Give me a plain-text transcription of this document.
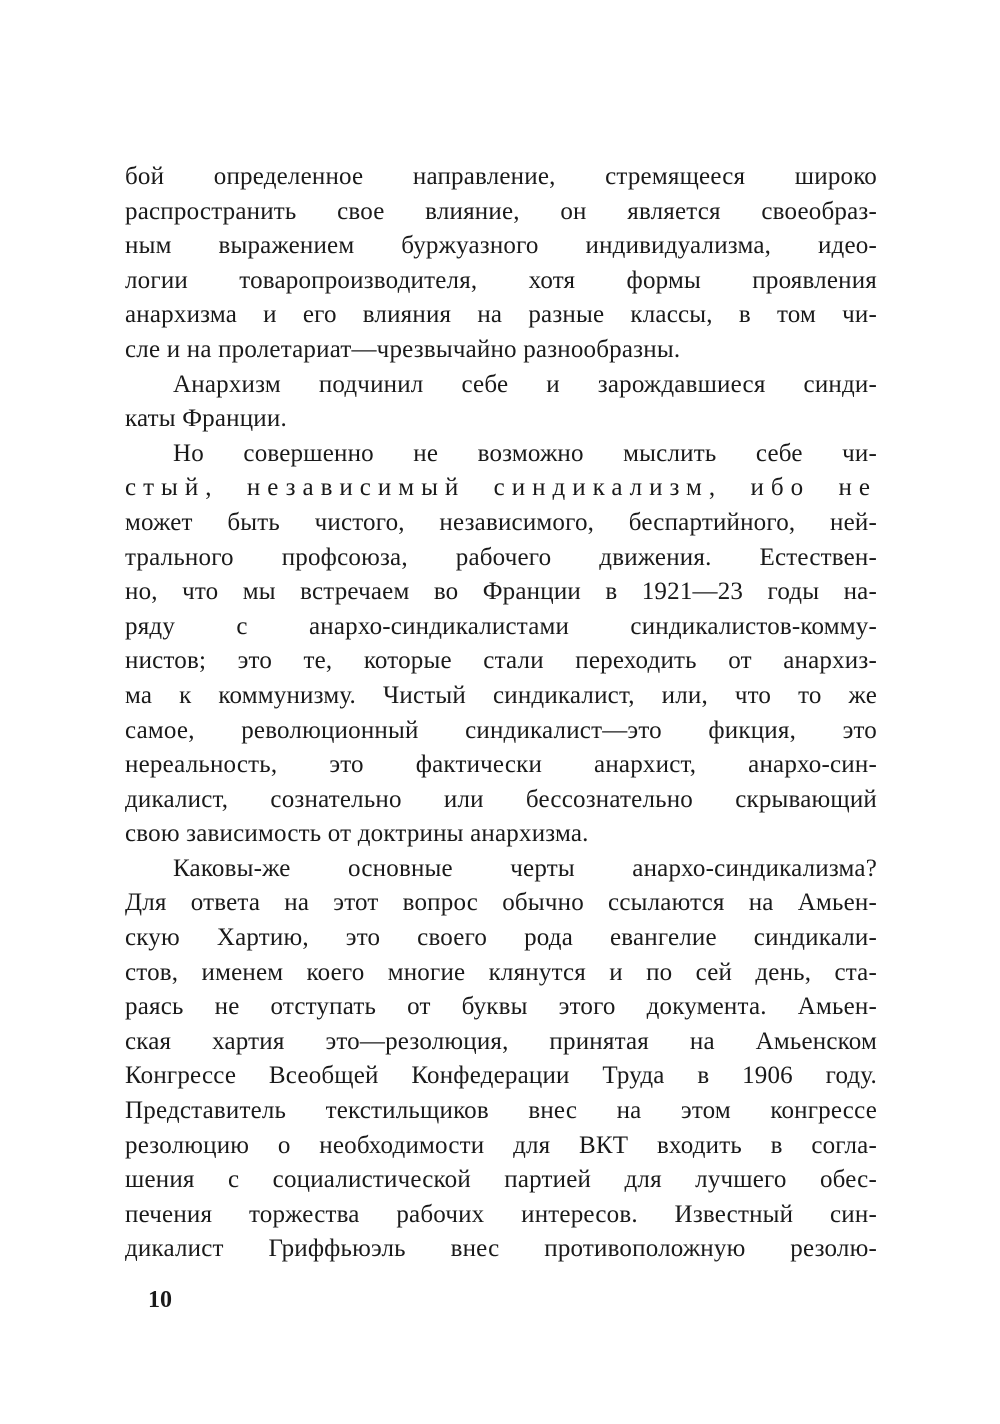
бой определенное направление, стремящееся широко
распространить свое влияние, он является своеобраз-
ным выражением буржуазного индивидуализма, идео-
логии товаропроизводителя, хотя формы проявления
анархизма и его влияния на разные классы, в том чи-
сле и на пролетариат—чрезвычайно разнообразны.
Анархизм подчинил себе и зарождавшиеся синди-
каты Франции.
Но совершенно не возможно мыслить себе чи-
стый, независимый синдикализм, ибо не
может быть чистого, независимого, беспартийного, ней-
трального профсоюза, рабочего движения. Естествен-
но, что мы встречаем во Франции в 1921—23 годы на-
ряду с анархо-синдикалистами синдикалистов-комму-
нистов; это те, которые стали переходить от анархиз-
ма к коммунизму. Чистый синдикалист, или, что то же
самое, революционный синдикалист—это фикция, это
нереальность, это фактически анархист, анархо-син-
дикалист, сознательно или бессознательно скрывающий
свою зависимость от доктрины анархизма.
Каковы-же основные черты анархо-синдикализма?
Для ответа на этот вопрос обычно ссылаются на Амьен-
скую Хартию, это своего рода евангелие синдикали-
стов, именем коего многие клянутся и по сей день, ста-
раясь не отступать от буквы этого документа. Амьен-
ская хартия это—резолюция, принятая на Амьенском
Конгрессе Всеобщей Конфедерации Труда в 1906 году.
Представитель текстильщиков внес на этом конгрессе
резолюцию о необходимости для ВКТ входить в согла-
шения с социалистической партией для лучшего обес-
печения торжества рабочих интересов. Известный син-
дикалист Гриффьюэль внес противоположную резолю-
10
